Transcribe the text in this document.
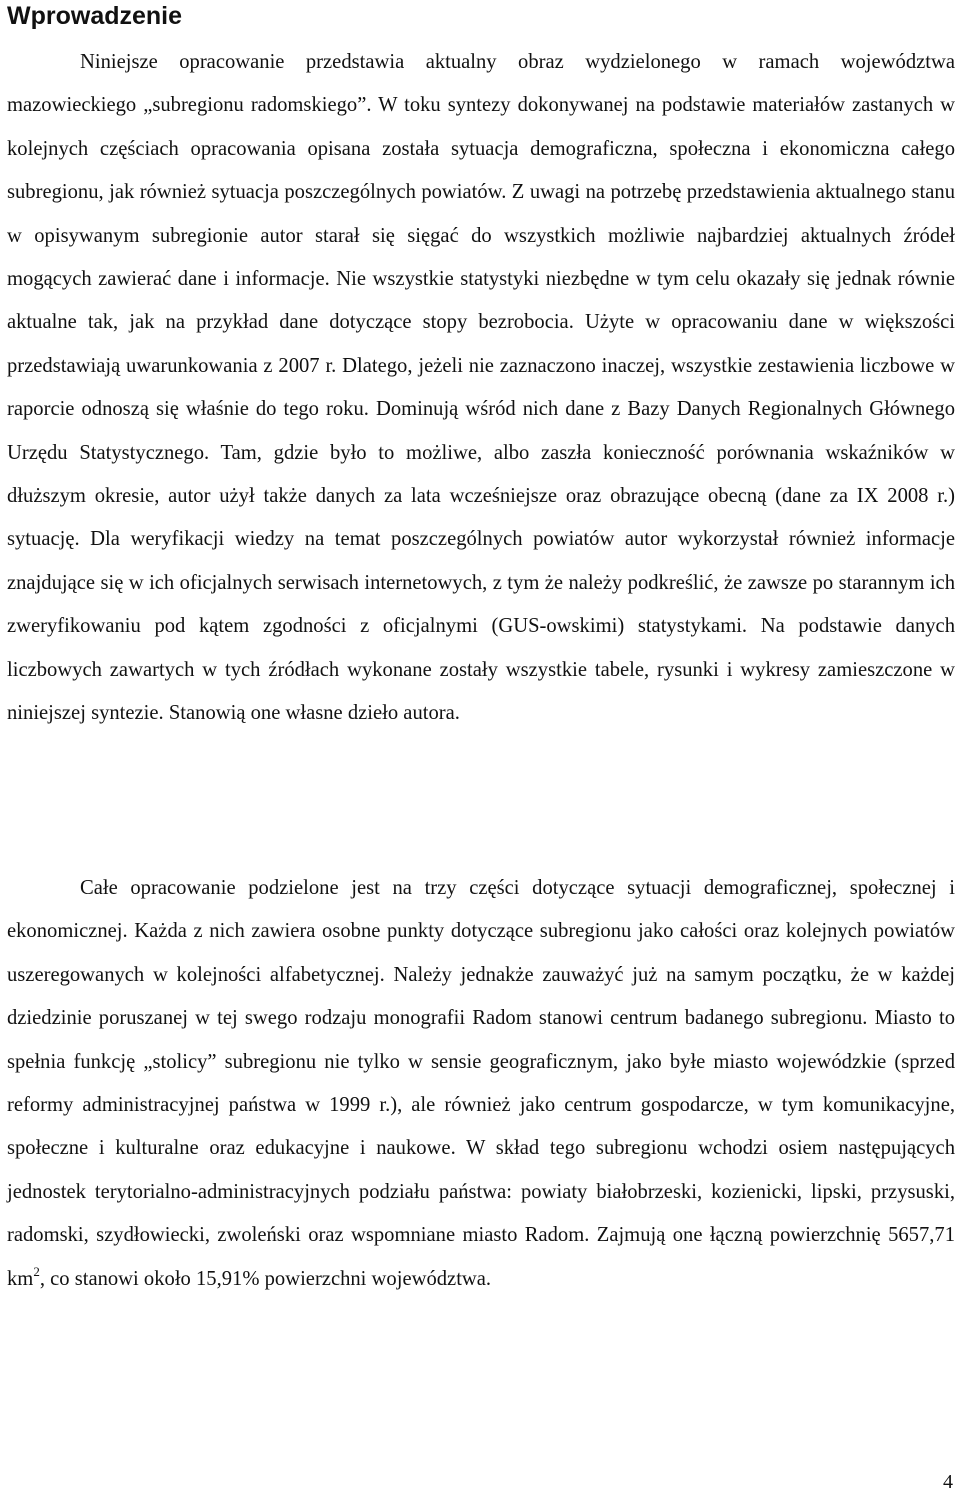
Wprowadzenie

Niniejsze opracowanie przedstawia aktualny obraz wydzielonego w ramach województwa mazowieckiego „subregionu radomskiego”. W toku syntezy dokonywanej na podstawie materiałów zastanych w kolejnych częściach opracowania opisana została sytuacja demograficzna, społeczna i ekonomiczna całego subregionu, jak również sytuacja poszczególnych powiatów. Z uwagi na potrzebę przedstawienia aktualnego stanu w opisywanym subregionie autor starał się sięgać do wszystkich możliwie najbardziej aktualnych źródeł mogących zawierać dane i informacje. Nie wszystkie statystyki niezbędne w tym celu okazały się jednak równie aktualne tak, jak na przykład dane dotyczące stopy bezrobocia. Użyte w opracowaniu dane w większości przedstawiają uwarunkowania z 2007 r. Dlatego, jeżeli nie zaznaczono inaczej, wszystkie zestawienia liczbowe w raporcie odnoszą się właśnie do tego roku. Dominują wśród nich dane z Bazy Danych Regionalnych Głównego Urzędu Statystycznego. Tam, gdzie było to możliwe, albo zaszła konieczność porównania wskaźników w dłuższym okresie, autor użył także danych za lata wcześniejsze oraz obrazujące obecną (dane za IX 2008 r.) sytuację. Dla weryfikacji wiedzy na temat poszczególnych powiatów autor wykorzystał również informacje znajdujące się w ich oficjalnych serwisach internetowych, z tym że należy podkreślić, że zawsze po starannym ich zweryfikowaniu pod kątem zgodności z oficjalnymi (GUS-owskimi) statystykami. Na podstawie danych liczbowych zawartych w tych źródłach wykonane zostały wszystkie tabele, rysunki i wykresy zamieszczone w niniejszej syntezie. Stanowią one własne dzieło autora.

Całe opracowanie podzielone jest na trzy części dotyczące sytuacji demograficznej, społecznej i ekonomicznej. Każda z nich zawiera osobne punkty dotyczące subregionu jako całości oraz kolejnych powiatów uszeregowanych w kolejności alfabetycznej. Należy jednakże zauważyć już na samym początku, że w każdej dziedzinie poruszanej w tej swego rodzaju monografii Radom stanowi centrum badanego subregionu. Miasto to spełnia funkcję „stolicy” subregionu nie tylko w sensie geograficznym, jako byłe miasto wojewódzkie (sprzed reformy administracyjnej państwa w 1999 r.), ale również jako centrum gospodarcze, w tym komunikacyjne, społeczne i kulturalne oraz edukacyjne i naukowe. W skład tego subregionu wchodzi osiem następujących jednostek terytorialno-administracyjnych podziału państwa: powiaty białobrzeski, kozienicki, lipski, przysuski, radomski, szydłowiecki, zwoleński oraz wspomniane miasto Radom. Zajmują one łączną powierzchnię 5657,71 $km^2$, co stanowi około 15,91% powierzchni województwa.

4
